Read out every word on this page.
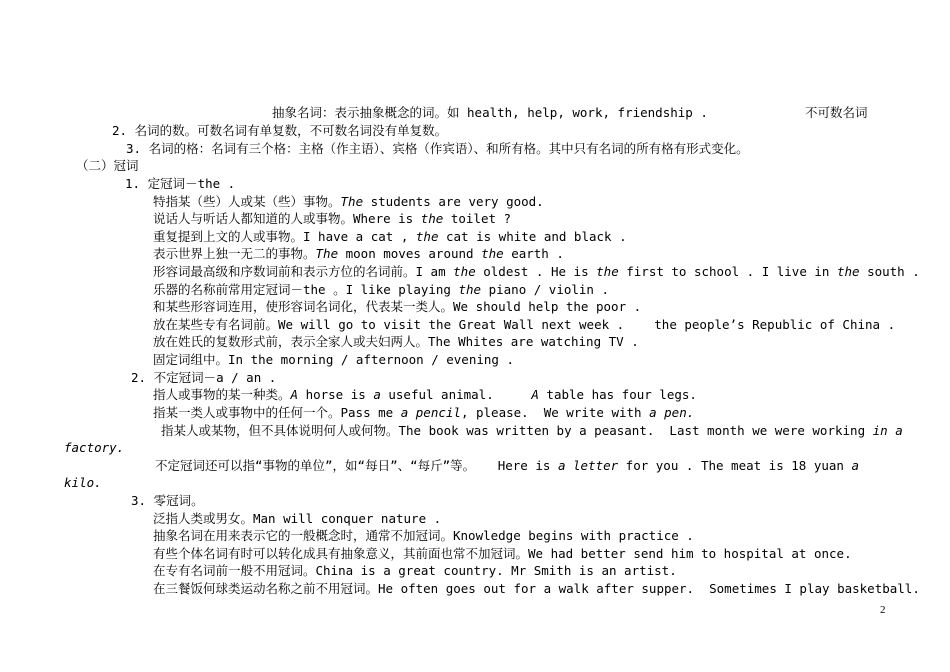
抽象名词：表示抽象概念的词。如 health, help, work, friendship .	不可数名词
2. 名词的数。可数名词有单复数，不可数名词没有单复数。
3. 名词的格：名词有三个格：主格（作主语）、宾格（作宾语）、和所有格。其中只有名词的所有格有形式变化。
（二）冠词
1. 定冠词－the .
特指某（些）人或某（些）事物。The students are very good.
说话人与听话人都知道的人或事物。Where is the toilet ?
重复提到上文的人或事物。I have a cat , the cat is white and black .
表示世界上独一无二的事物。The moon moves around the earth .
形容词最高级和序数词前和表示方位的名词前。I am the oldest . He is the first to school . I live in the south .
乐器的名称前常用定冠词－the 。I like playing the piano / violin .
和某些形容词连用，使形容词名词化，代表某一类人。We should help the poor .
放在某些专有名词前。We will go to visit the Great Wall next week .    the people’s Republic of China .
放在姓氏的复数形式前，表示全家人或夫妇两人。The Whites are watching TV .
固定词组中。In the morning / afternoon / evening .
2. 不定冠词－a / an .
指人或事物的某一种类。A horse is a useful animal.     A table has four legs.
指某一类人或事物中的任何一个。Pass me a pencil, please.  We write with a pen.
指某人或某物，但不具体说明何人或何物。The book was written by a peasant.  Last month we were working in a
factory.
不定冠词还可以指“事物的单位”，如“每日”、“每斤”等。   Here is a letter for you . The meat is 18 yuan a
kilo.
3. 零冠词。
泛指人类或男女。Man will conquer nature .
抽象名词在用来表示它的一般概念时，通常不加冠词。Knowledge begins with practice .
有些个体名词有时可以转化成具有抽象意义，其前面也常不加冠词。We had better send him to hospital at once.
在专有名词前一般不用冠词。China is a great country. Mr Smith is an artist.
在三餐饭何球类运动名称之前不用冠词。He often goes out for a walk after supper.  Sometimes I play basketball.
2
